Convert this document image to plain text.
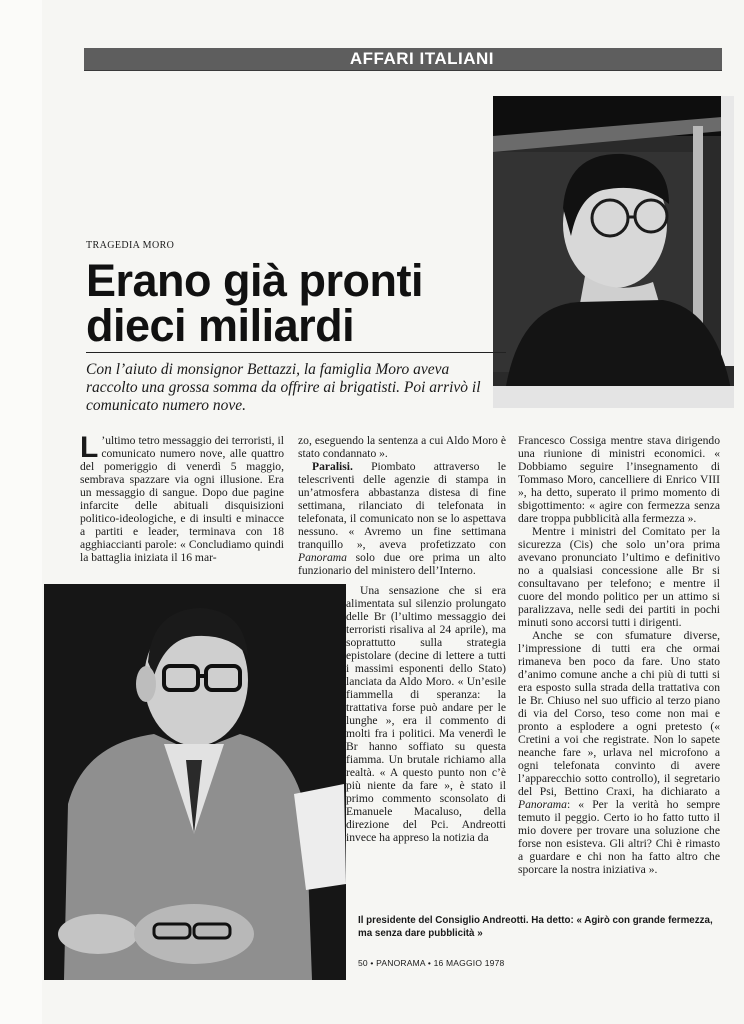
AFFARI ITALIANI
TRAGEDIA MORO
Erano già pronti dieci miliardi
Con l’aiuto di monsignor Bettazzi, la famiglia Moro aveva raccolto una grossa somma da offrire ai brigatisti. Poi arrivò il comunicato numero nove.

L ’ultimo tetro messaggio dei terroristi, il comunicato numero nove, alle quattro del pomeriggio di venerdì 5 maggio, sembrava spazzare via ogni illusione. Era un messaggio di sangue. Dopo due pagine infarcite delle abituali disquisizioni politico-ideologiche, e di insulti e minacce a partiti e leader, terminava con 18 agghiaccianti parole: « Concludiamo quindi la battaglia iniziata il 16 mar-

zo, eseguendo la sentenza a cui Aldo Moro è stato condannato ».

Paralisi. Piombato attraverso le telescriventi delle agenzie di stampa in un’atmosfera abbastanza distesa di fine settimana, rilanciato di telefonata in telefonata, il comunicato non se lo aspettava nessuno. « Avremo un fine settimana tranquillo », aveva profetizzato con Panorama solo due ore prima un alto funzionario del ministero dell’Interno.

Una sensazione che si era alimentata sul silenzio prolungato delle Br (l’ultimo messaggio dei terroristi risaliva al 24 aprile), ma soprattutto sulla strategia epistolare (decine di lettere a tutti i massimi esponenti dello Stato) lanciata da Aldo Moro. « Un’esile fiammella di speranza: la trattativa forse può andare per le lunghe », era il commento di molti fra i politici. Ma venerdì le Br hanno soffiato su questa fiamma. Un brutale richiamo alla realtà. « A questo punto non c’è più niente da fare », è stato il primo commento sconsolato di Emanuele Macaluso, della direzione del Pci. Andreotti invece ha appreso la notizia da

Francesco Cossiga mentre stava dirigendo una riunione di ministri economici. « Dobbiamo seguire l’insegnamento di Tommaso Moro, cancelliere di Enrico VIII », ha detto, superato il primo momento di sbigottimento: « agire con fermezza senza dare troppa pubblicità alla fermezza ».

Mentre i ministri del Comitato per la sicurezza (Cis) che solo un’ora prima avevano pronunciato l’ultimo e definitivo no a qualsiasi concessione alle Br si consultavano per telefono; e mentre il cuore del mondo politico per un attimo si paralizzava, nelle sedi dei partiti in pochi minuti sono accorsi tutti i dirigenti.

Anche se con sfumature diverse, l’impressione di tutti era che ormai rimaneva ben poco da fare. Uno stato d’animo comune anche a chi più di tutti si era esposto sulla strada della trattativa con le Br. Chiuso nel suo ufficio al terzo piano di via del Corso, teso come non mai e pronto a esplodere a ogni pretesto (« Cretini a voi che registrate. Non lo sapete neanche fare », urlava nel microfono a ogni telefonata convinto di avere l’apparecchio sotto controllo), il segretario del Psi, Bettino Craxi, ha dichiarato a Panorama: « Per la verità ho sempre temuto il peggio. Certo io ho fatto tutto il mio dovere per trovare una soluzione che forse non esisteva. Gli altri? Chi è rimasto a guardare e chi non ha fatto altro che sporcare la nostra iniziativa ».

Il presidente del Consiglio Andreotti. Ha detto: « Agirò con grande fermezza, ma senza dare pubblicità »
50 • PANORAMA • 16 MAGGIO 1978
